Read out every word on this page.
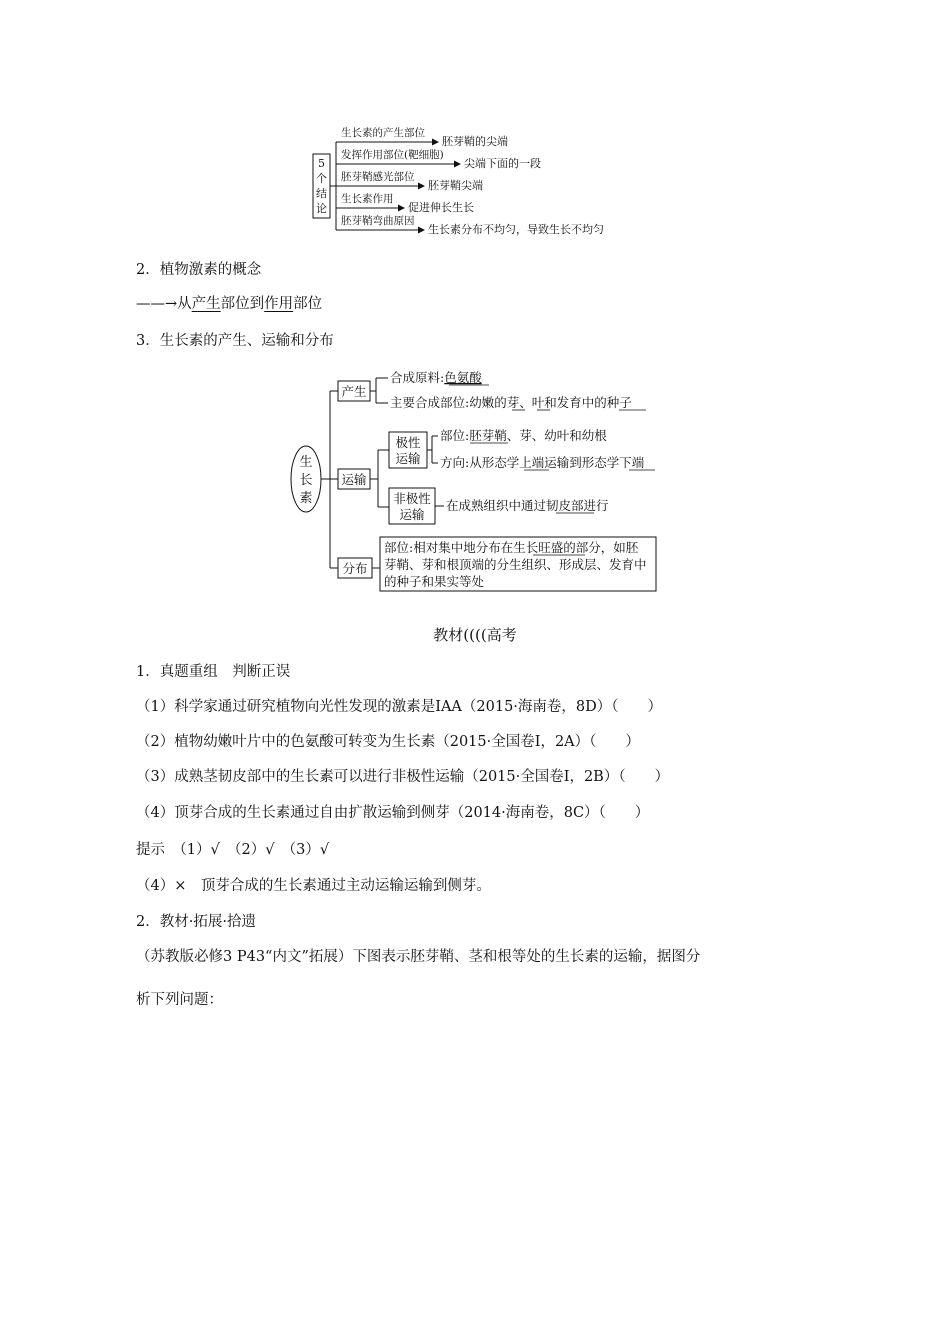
5
个
结
论
生长素的产生部位
胚芽鞘的尖端
发挥作用部位(靶细胞)
尖端下面的一段
胚芽鞘感光部位
胚芽鞘尖端
生长素作用
促进伸长生长
胚芽鞘弯曲原因
生长素分布不均匀，导致生长不均匀
2．植物激素的概念
——→从产生部位到作用部位
3．生长素的产生、运输和分布
生
长
素
产生
合成原料:色氨酸
主要合成部位:幼嫩的芽、叶和发育中的种子
运输
极性
运输
部位:胚芽鞘、芽、幼叶和幼根
方向:从形态学上端运输到形态学下端
非极性
运输
在成熟组织中通过韧皮部进行
分布
部位:相对集中地分布在生长旺盛的部分，如胚
芽鞘、芽和根顶端的分生组织、形成层、发育中
的种子和果实等处
教材((((高考
1．真题重组　判断正误
（1）科学家通过研究植物向光性发现的激素是IAA（2015·海南卷，8D）（　　）
（2）植物幼嫩叶片中的色氨酸可转变为生长素（2015·全国卷Ⅰ，2A）（　　）
（3）成熟茎韧皮部中的生长素可以进行非极性运输（2015·全国卷Ⅰ，2B）（　　）
（4）顶芽合成的生长素通过自由扩散运输到侧芽（2014·海南卷，8C）（　　）
提示　（1）√　（2）√　（3）√
（4）×　顶芽合成的生长素通过主动运输运输到侧芽。
2．教材·拓展·拾遗
（苏教版必修3 P43“内文”拓展）下图表示胚芽鞘、茎和根等处的生长素的运输，据图分
析下列问题：
